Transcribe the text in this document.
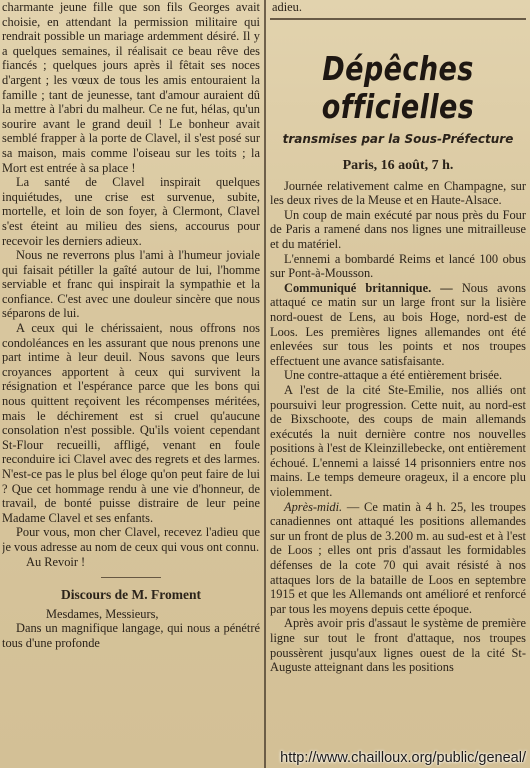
charmante jeune fille que son fils Georges avait choisie, en attendant la permission militaire qui rendrait possible un mariage ardemment désiré. Il y a quelques semaines, il réalisait ce beau rêve des fiancés ; quelques jours après il fêtait ses noces d'argent ; les vœux de tous les amis entouraient la famille ; tant de jeunesse, tant d'amour auraient dû la mettre à l'abri du malheur. Ce ne fut, hélas, qu'un sourire avant le grand deuil ! Le bonheur avait semblé frapper à la porte de Clavel, il s'est posé sur sa maison, mais comme l'oiseau sur les toits ; la Mort est entrée à sa place !

La santé de Clavel inspirait quelques inquiétudes, une crise est survenue, subite, mortelle, et loin de son foyer, à Clermont, Clavel s'est éteint au milieu des siens, accourus pour recevoir les derniers adieux.

Nous ne reverrons plus l'ami à l'humeur joviale qui faisait pétiller la gaîté autour de lui, l'homme serviable et franc qui inspirait la sympathie et la confiance. C'est avec une douleur sincère que nous séparons de lui.

A ceux qui le chérissaient, nous offrons nos condoléances en les assurant que nous prenons une part intime à leur deuil. Nous savons que leurs croyances apportent à ceux qui survivent la résignation et l'espérance parce que les bons qui nous quittent reçoivent les récompenses méritées, mais le déchirement est si cruel qu'aucune consolation n'est possible. Qu'ils voient cependant St-Flour recueilli, affligé, venant en foule reconduire ici Clavel avec des regrets et des larmes. N'est-ce pas le plus bel éloge qu'on peut faire de lui ? Que cet hommage rendu à une vie d'honneur, de travail, de bonté puisse distraire de leur peine Madame Clavel et ses enfants.

Pour vous, mon cher Clavel, recevez l'adieu que je vous adresse au nom de ceux qui vous ont connu.

Au Revoir !

Discours de M. Froment

Mesdames, Messieurs,

Dans un magnifique langage, qui nous a pénétré tous d'une profonde

adieu.

Dépêches officielles
transmises par la Sous-Préfecture
Paris, 16 août, 7 h.

Journée relativement calme en Champagne, sur les deux rives de la Meuse et en Haute-Alsace.

Un coup de main exécuté par nous près du Four de Paris a ramené dans nos lignes une mitrailleuse et du matériel.

L'ennemi a bombardé Reims et lancé 100 obus sur Pont-à-Mousson.

Communiqué britannique. — Nous avons attaqué ce matin sur un large front sur la lisière nord-ouest de Lens, au bois Hoge, nord-est de Loos. Les premières lignes allemandes ont été enlevées sur tous les points et nos troupes effectuent une avance satisfaisante.

Une contre-attaque a été entièrement brisée.

A l'est de la cité Ste-Emilie, nos alliés ont poursuivi leur progression. Cette nuit, au nord-est de Bixschoote, des coups de main allemands exécutés la nuit dernière contre nos nouvelles positions à l'est de Kleinzillebecke, ont entièrement échoué. L'ennemi a laissé 14 prisonniers entre nos mains. Le temps demeure orageux, il a encore plu violemment.

Après-midi. — Ce matin à 4 h. 25, les troupes canadiennes ont attaqué les positions allemandes sur un front de plus de 3.200 m. au sud-est et à l'est de Loos ; elles ont pris d'assaut les formidables défenses de la cote 70 qui avait résisté à nos attaques lors de la bataille de Loos en septembre 1915 et que les Allemands ont amélioré et renforcé par tous les moyens depuis cette époque.

Après avoir pris d'assaut le système de première ligne sur tout le front d'attaque, nos troupes poussèrent jusqu'aux lignes ouest de la cité St-Auguste atteignant dans les positions

http://www.chailloux.org/public/geneal/
